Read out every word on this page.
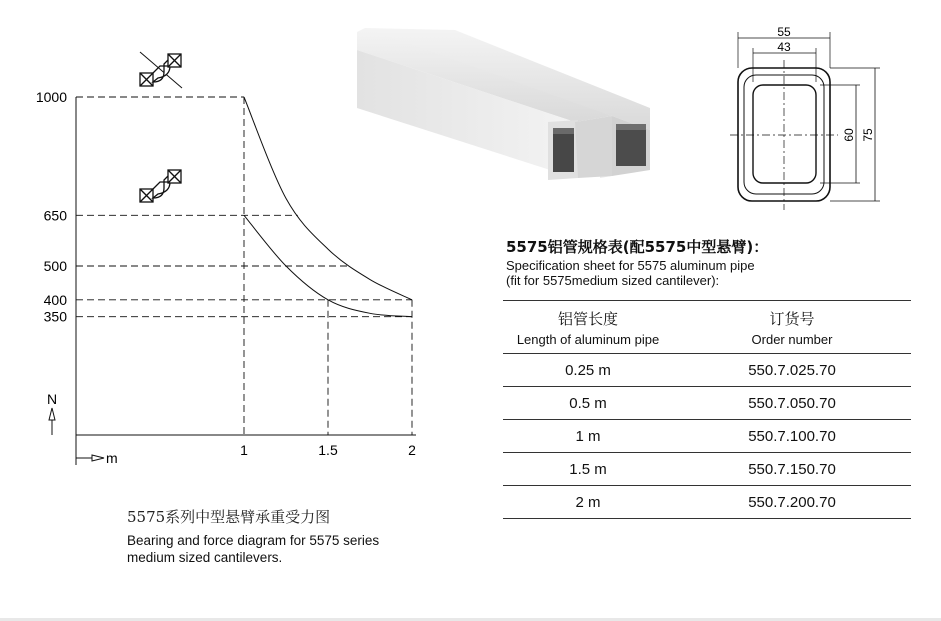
1000
650
500
400
350
1	1.5	2
N
m
5575系列中型悬臂承重受力图
Bearing and force diagram for 5575 series
medium sized cantilevers.
55
43
60 75
5575铝管规格表(配5575中型悬臂)：
Specification sheet for 5575 aluminum pipe
(fit for 5575medium sized cantilever):
铝管长度
Length of aluminum pipe
订货号
Order number
0.25 m	550.7.025.70
0.5 m	550.7.050.70
1 m	550.7.100.70
1.5 m	550.7.150.70
2 m	550.7.200.70
